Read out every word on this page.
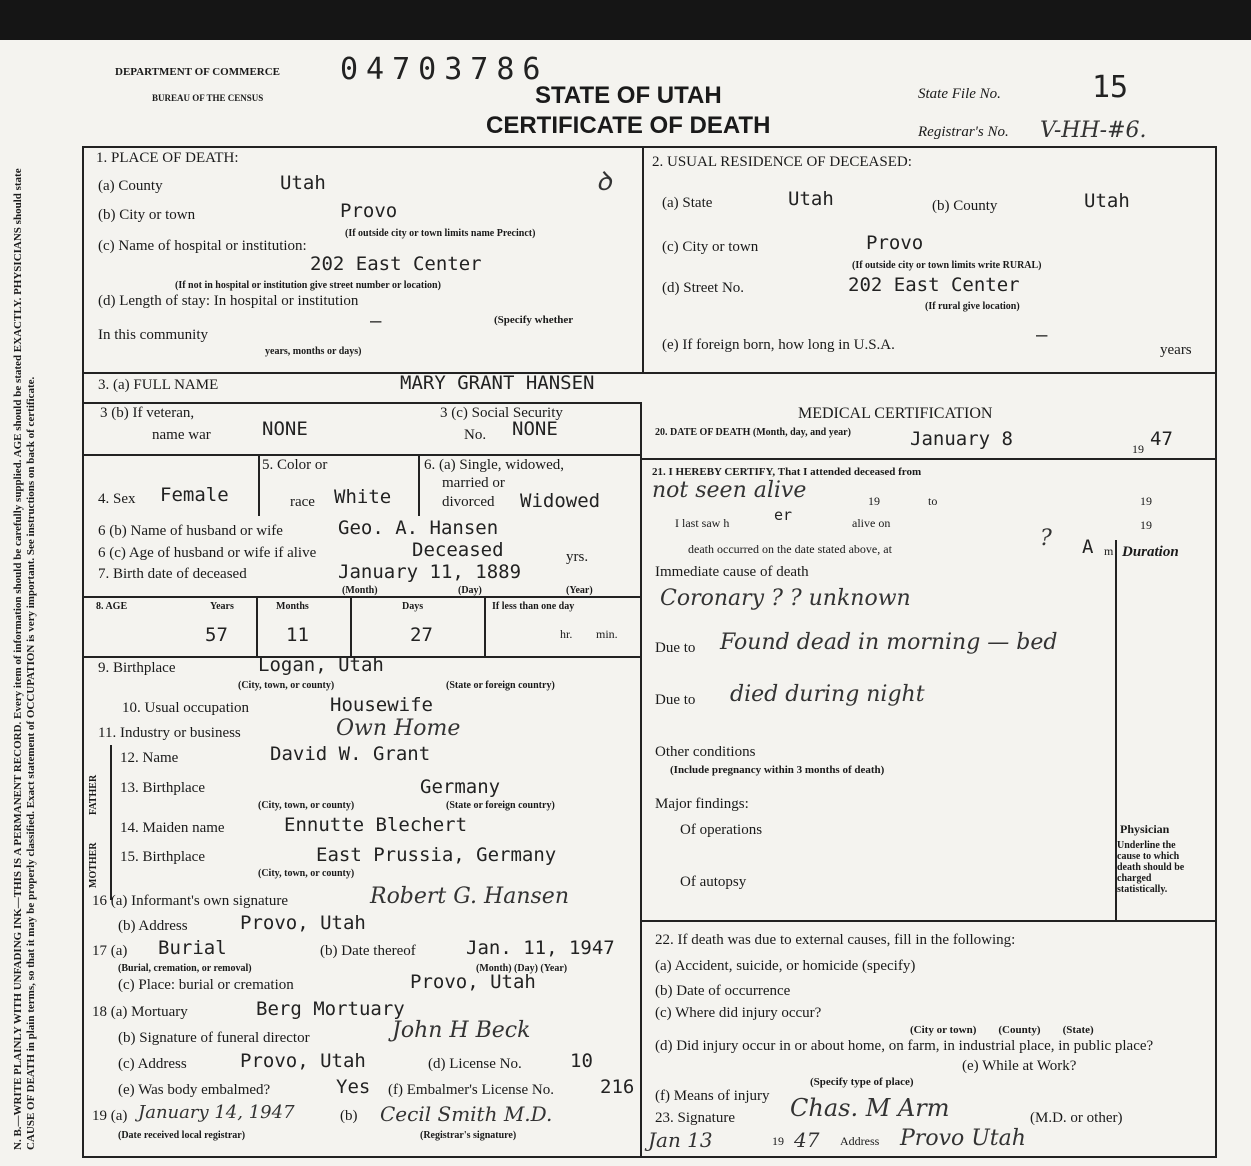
N. B.—WRITE PLAINLY WITH UNFADING INK—THIS IS A PERMANENT RECORD. Every item of information should be carefully supplied. AGE should be stated EXACTLY. PHYSICIANS should state CAUSE OF DEATH in plain terms, so that it may be properly classified. Exact statement of OCCUPATION is very important. See instructions on back of certificate.
DEPARTMENT OF COMMERCE
BUREAU OF THE CENSUS
04703786
STATE OF UTAH
CERTIFICATE OF DEATH
State File No.	15
Registrar's No. V-HH-#6.
1. PLACE OF DEATH:
(a) County	Utah	ꝺ
(b) City or town	Provo
(If outside city or town limits name Precinct)
(c) Name of hospital or institution:
202 East Center
(If not in hospital or institution give street number or location)
(d) Length of stay: In hospital or institution
(Specify whether
In this community
—
years, months or days)
2. USUAL RESIDENCE OF DECEASED:
(a) State	Utah	(b) County	Utah
(c) City or town	Provo
(If outside city or town limits write RURAL)
(d) Street No.	202 East Center
(If rural give location)
(e) If foreign born, how long in U.S.A.	—
years
3. (a) FULL NAME	MARY GRANT HANSEN
3 (b) If veteran,
name war	NONE
3 (c) Social Security
No. NONE
MEDICAL CERTIFICATION
20. DATE OF DEATH (Month, day, and year)	January 8	19 47
5. Color or	6. (a) Single, widowed,
married or
divorced Widowed
4. Sex Female	race White
6 (b) Name of husband or wife	Geo. A. Hansen
6 (c) Age of husband or wife if alive	Deceased	yrs.
7. Birth date of deceased	January 11, 1889
(Month)	(Day)	(Year)
8. AGE	Years	Months	Days	If less than one day
57	11	27	hr. min.
9. Birthplace	Logan, Utah
(City, town, or county)	(State or foreign country)
10. Usual occupation	Housewife
11. Industry or business	Own Home
FATHER
MOTHER
12. Name	David W. Grant
13. Birthplace	Germany
(City, town, or county)	(State or foreign country)
14. Maiden name	Ennutte Blechert
15. Birthplace	East Prussia, Germany
(City, town, or county)
16 (a) Informant's own signature	Robert G. Hansen
(b) Address	Provo, Utah
17 (a) Burial
(Burial, cremation, or removal)
(b) Date thereof	Jan. 11, 1947
(Month) (Day) (Year)
(c) Place: burial or cremation	Provo, Utah
18 (a) Mortuary	Berg Mortuary
(b) Signature of funeral director	John H Beck
(c) Address	Provo, Utah	(d) License No.	10
(e) Was body embalmed?	Yes (f) Embalmer's License No. 216
19 (a) January 14, 1947
(Date received local registrar)
(b) Cecil Smith M.D.
(Registrar's signature)
21. I HEREBY CERTIFY, That I attended deceased from
not seen alive	19	to	19
I last saw h	er	alive on	19
death occurred on the date stated above, at	? A m Duration
Immediate cause of death
Coronary ? ? unknown
Due to Found dead in morning — bed
Due to died during night
Other conditions
(Include pregnancy within 3 months of death)
Major findings:
Of operations
Of autopsy
Physician
Underline the cause to which death should be charged statistically.
22. If death was due to external causes, fill in the following:
(a) Accident, suicide, or homicide (specify)
(b) Date of occurrence
(c) Where did injury occur?
(City or town)        (County)        (State)
(d) Did injury occur in or about home, on farm, in industrial place, in public place?
(Specify type of place)
(e) While at Work?
(f) Means of injury
23. Signature Chas. M Arm	(M.D. or other)
Jan 13	19 47 Address Provo Utah
